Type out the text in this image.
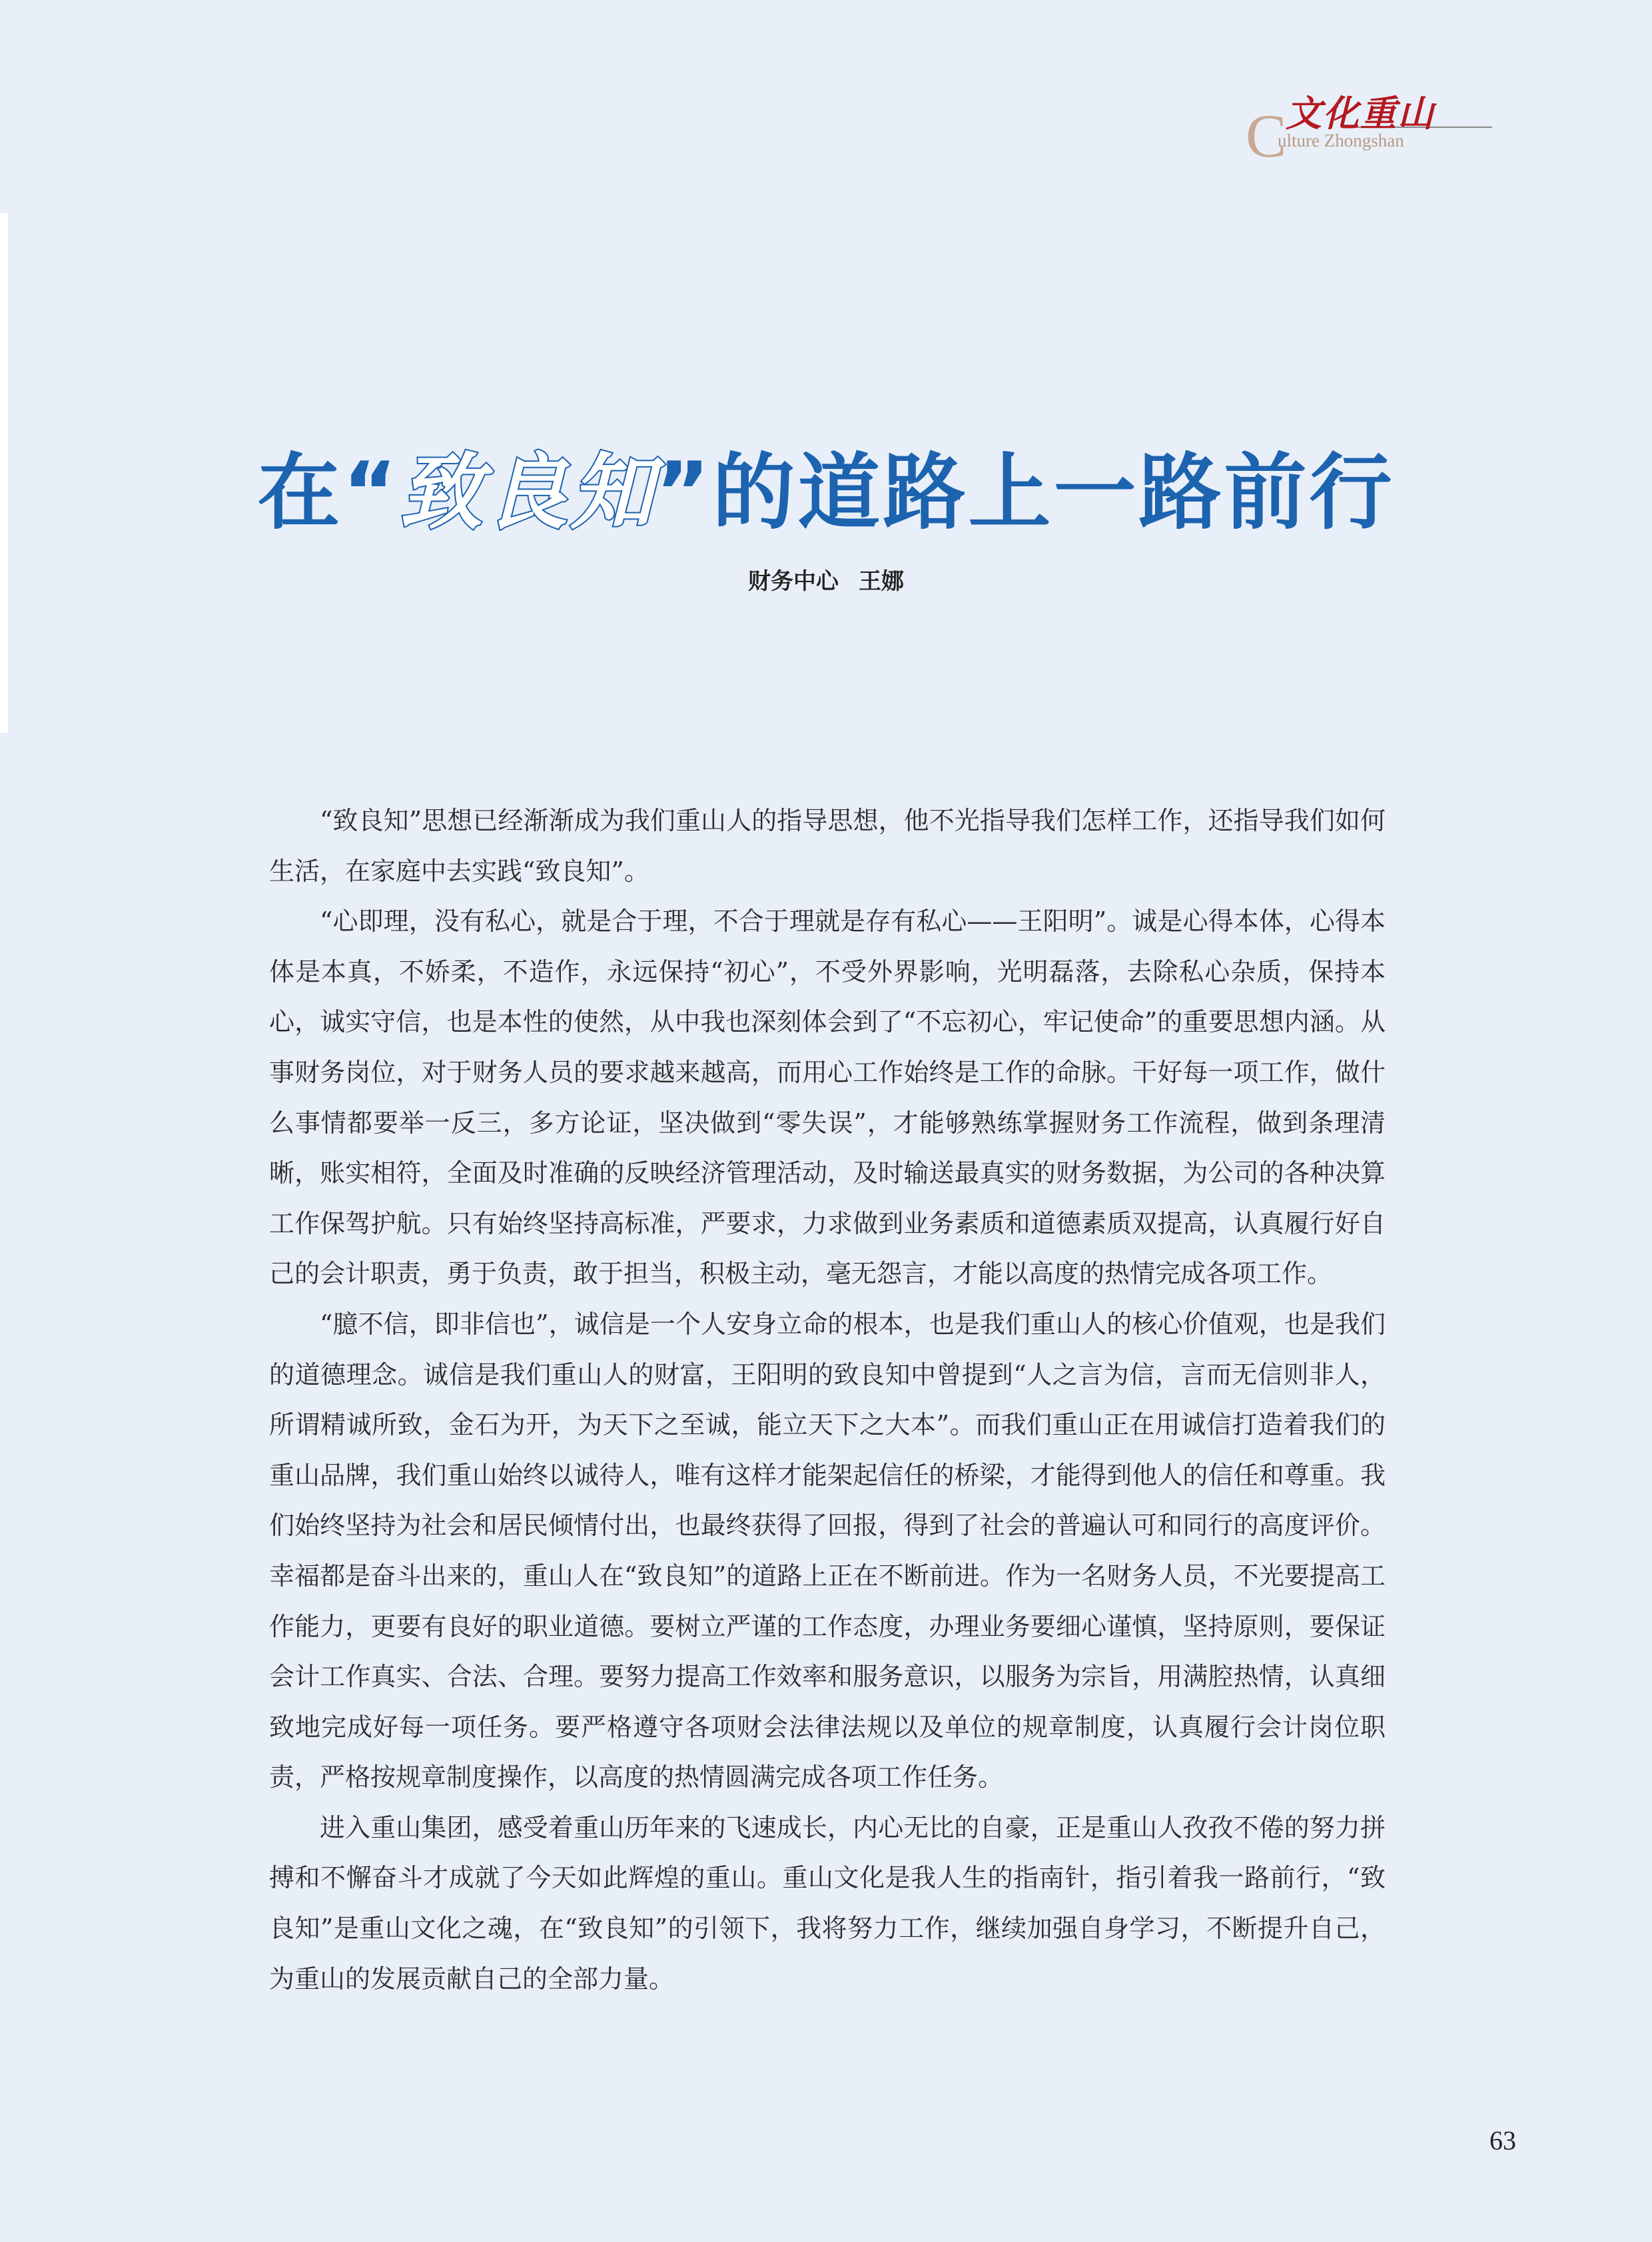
C
文化重山
ulture Zhongshan
在“致良知”的道路上一路前行
财务中心 王娜

“致良知”思想已经渐渐成为我们重山人的指导思想，他不光指导我们怎样工作，还指导我们如何生活，在家庭中去实践“致良知”。

“心即理，没有私心，就是合于理，不合于理就是存有私心——王阳明”。诚是心得本体，心得本体是本真，不娇柔，不造作，永远保持“初心”，不受外界影响，光明磊落，去除私心杂质，保持本心，诚实守信，也是本性的使然，从中我也深刻体会到了“不忘初心，牢记使命”的重要思想内涵。从事财务岗位，对于财务人员的要求越来越高，而用心工作始终是工作的命脉。干好每一项工作，做什么事情都要举一反三，多方论证，坚决做到“零失误”，才能够熟练掌握财务工作流程，做到条理清晰，账实相符，全面及时准确的反映经济管理活动，及时输送最真实的财务数据，为公司的各种决算工作保驾护航。只有始终坚持高标准，严要求，力求做到业务素质和道德素质双提高，认真履行好自己的会计职责，勇于负责，敢于担当，积极主动，毫无怨言，才能以高度的热情完成各项工作。

“臆不信，即非信也”，诚信是一个人安身立命的根本，也是我们重山人的核心价值观，也是我们的道德理念。诚信是我们重山人的财富，王阳明的致良知中曾提到“人之言为信，言而无信则非人，所谓精诚所致，金石为开，为天下之至诚，能立天下之大本”。而我们重山正在用诚信打造着我们的重山品牌，我们重山始终以诚待人，唯有这样才能架起信任的桥梁，才能得到他人的信任和尊重。我们始终坚持为社会和居民倾情付出，也最终获得了回报，得到了社会的普遍认可和同行的高度评价。幸福都是奋斗出来的，重山人在“致良知”的道路上正在不断前进。作为一名财务人员，不光要提高工作能力，更要有良好的职业道德。要树立严谨的工作态度，办理业务要细心谨慎，坚持原则，要保证会计工作真实、合法、合理。要努力提高工作效率和服务意识，以服务为宗旨，用满腔热情，认真细致地完成好每一项任务。要严格遵守各项财会法律法规以及单位的规章制度，认真履行会计岗位职责，严格按规章制度操作，以高度的热情圆满完成各项工作任务。

进入重山集团，感受着重山历年来的飞速成长，内心无比的自豪，正是重山人孜孜不倦的努力拼搏和不懈奋斗才成就了今天如此辉煌的重山。重山文化是我人生的指南针，指引着我一路前行，“致良知”是重山文化之魂，在“致良知”的引领下，我将努力工作，继续加强自身学习，不断提升自己，为重山的发展贡献自己的全部力量。

63
